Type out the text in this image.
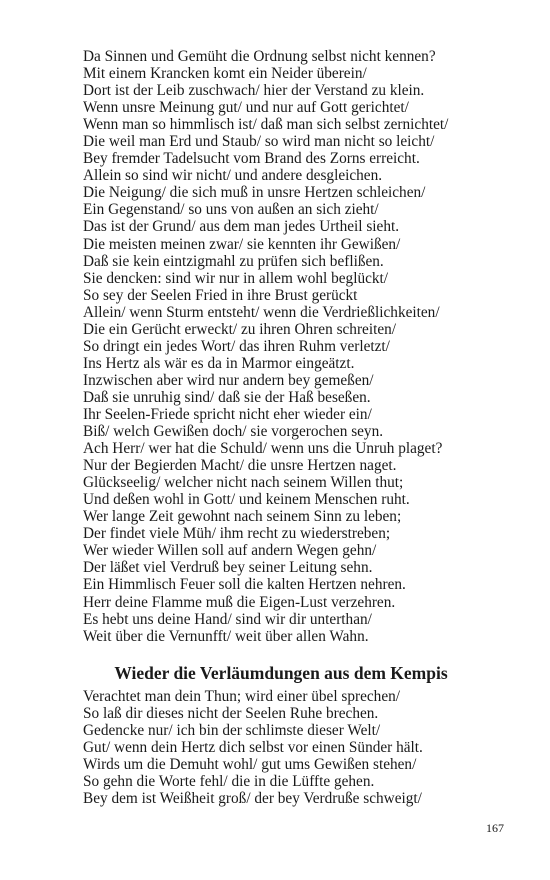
Da Sinnen und Gemüht die Ordnung selbst nicht kennen?
Mit einem Krancken komt ein Neider überein/
Dort ist der Leib zuschwach/ hier der Verstand zu klein.
Wenn unsre Meinung gut/ und nur auf Gott gerichtet/
Wenn man so himmlisch ist/ daß man sich selbst zernichtet/
Die weil man Erd und Staub/ so wird man nicht so leicht/
Bey fremder Tadelsucht vom Brand des Zorns erreicht.
Allein so sind wir nicht/ und andere desgleichen.
Die Neigung/ die sich muß in unsre Hertzen schleichen/
Ein Gegenstand/ so uns von außen an sich zieht/
Das ist der Grund/ aus dem man jedes Urtheil sieht.
Die meisten meinen zwar/ sie kennten ihr Gewißen/
Daß sie kein eintzigmahl zu prüfen sich beflißen.
Sie dencken: sind wir nur in allem wohl beglückt/
So sey der Seelen Fried in ihre Brust gerückt
Allein/ wenn Sturm entsteht/ wenn die Verdrießlichkeiten/
Die ein Gerücht erweckt/ zu ihren Ohren schreiten/
So dringt ein jedes Wort/ das ihren Ruhm verletzt/
Ins Hertz als wär es da in Marmor eingeätzt.
Inzwischen aber wird nur andern bey gemeßen/
Daß sie unruhig sind/ daß sie der Haß beseßen.
Ihr Seelen-Friede spricht nicht eher wieder ein/
Biß/ welch Gewißen doch/ sie vorgerochen seyn.
Ach Herr/ wer hat die Schuld/ wenn uns die Unruh plaget?
Nur der Begierden Macht/ die unsre Hertzen naget.
Glückseelig/ welcher nicht nach seinem Willen thut;
Und deßen wohl in Gott/ und keinem Menschen ruht.
Wer lange Zeit gewohnt nach seinem Sinn zu leben;
Der findet viele Müh/ ihm recht zu wiederstreben;
Wer wieder Willen soll auf andern Wegen gehn/
Der läßet viel Verdruß bey seiner Leitung sehn.
Ein Himmlisch Feuer soll die kalten Hertzen nehren.
Herr deine Flamme muß die Eigen-Lust verzehren.
Es hebt uns deine Hand/ sind wir dir unterthan/
Weit über die Vernunfft/ weit über allen Wahn.
Wieder die Verläumdungen aus dem Kempis
Verachtet man dein Thun; wird einer übel sprechen/
So laß dir dieses nicht der Seelen Ruhe brechen.
Gedencke nur/ ich bin der schlimste dieser Welt/
Gut/ wenn dein Hertz dich selbst vor einen Sünder hält.
Wirds um die Demuht wohl/ gut ums Gewißen stehen/
So gehn die Worte fehl/ die in die Lüffte gehen.
Bey dem ist Weißheit groß/ der bey Verdruße schweigt/
167
